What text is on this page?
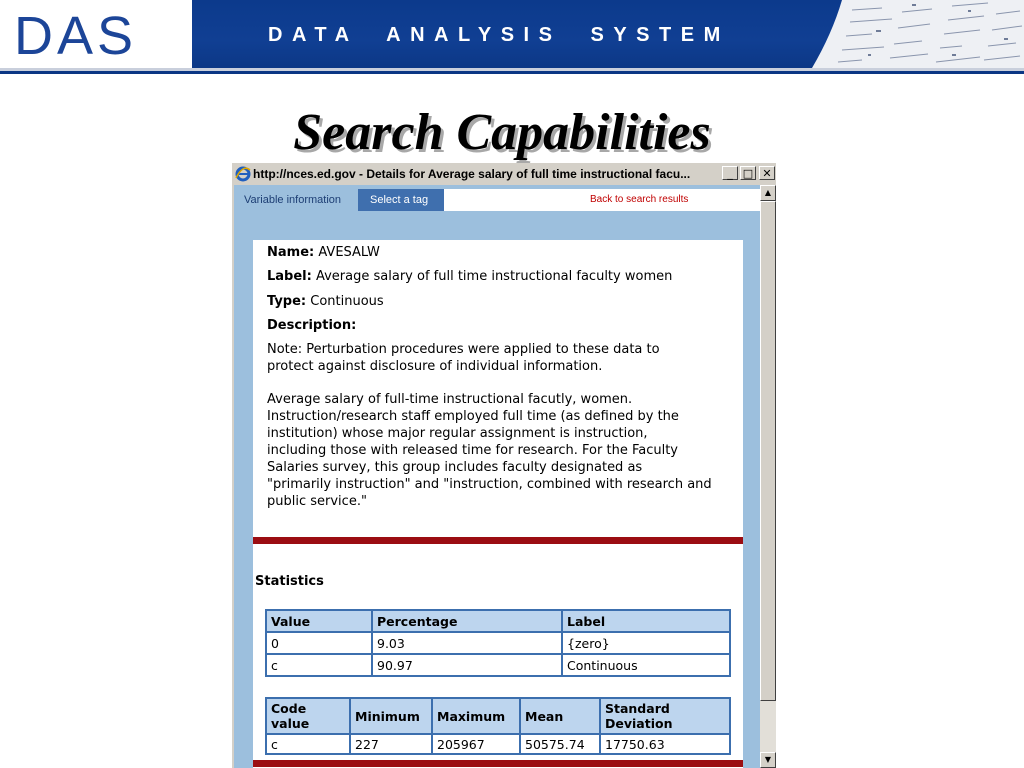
DAS	DATA ANALYSIS SYSTEM
Search Capabilities
http://nces.ed.gov - Details for Average salary of full time instructional facu...	_ □ ✕
Variable information	Select a tag	Back to search results
Name: AVESALW
Label: Average salary of full time instructional faculty women
Type: Continuous
Description:
Note: Perturbation procedures were applied to these data to
protect against disclosure of individual information.
Average salary of full-time instructional facutly, women.
Instruction/research staff employed full time (as defined by the
institution) whose major regular assignment is instruction,
including those with released time for research. For the Faculty
Salaries survey, this group includes faculty designated as
"primarily instruction" and "instruction, combined with research and
public service."
Statistics
Value	Percentage	Label
0	9.03	{zero}
c	90.97	Continuous
Code value	Minimum	Maximum	Mean	Standard Deviation
c	227	205967	50575.74	17750.63
▲
▼
